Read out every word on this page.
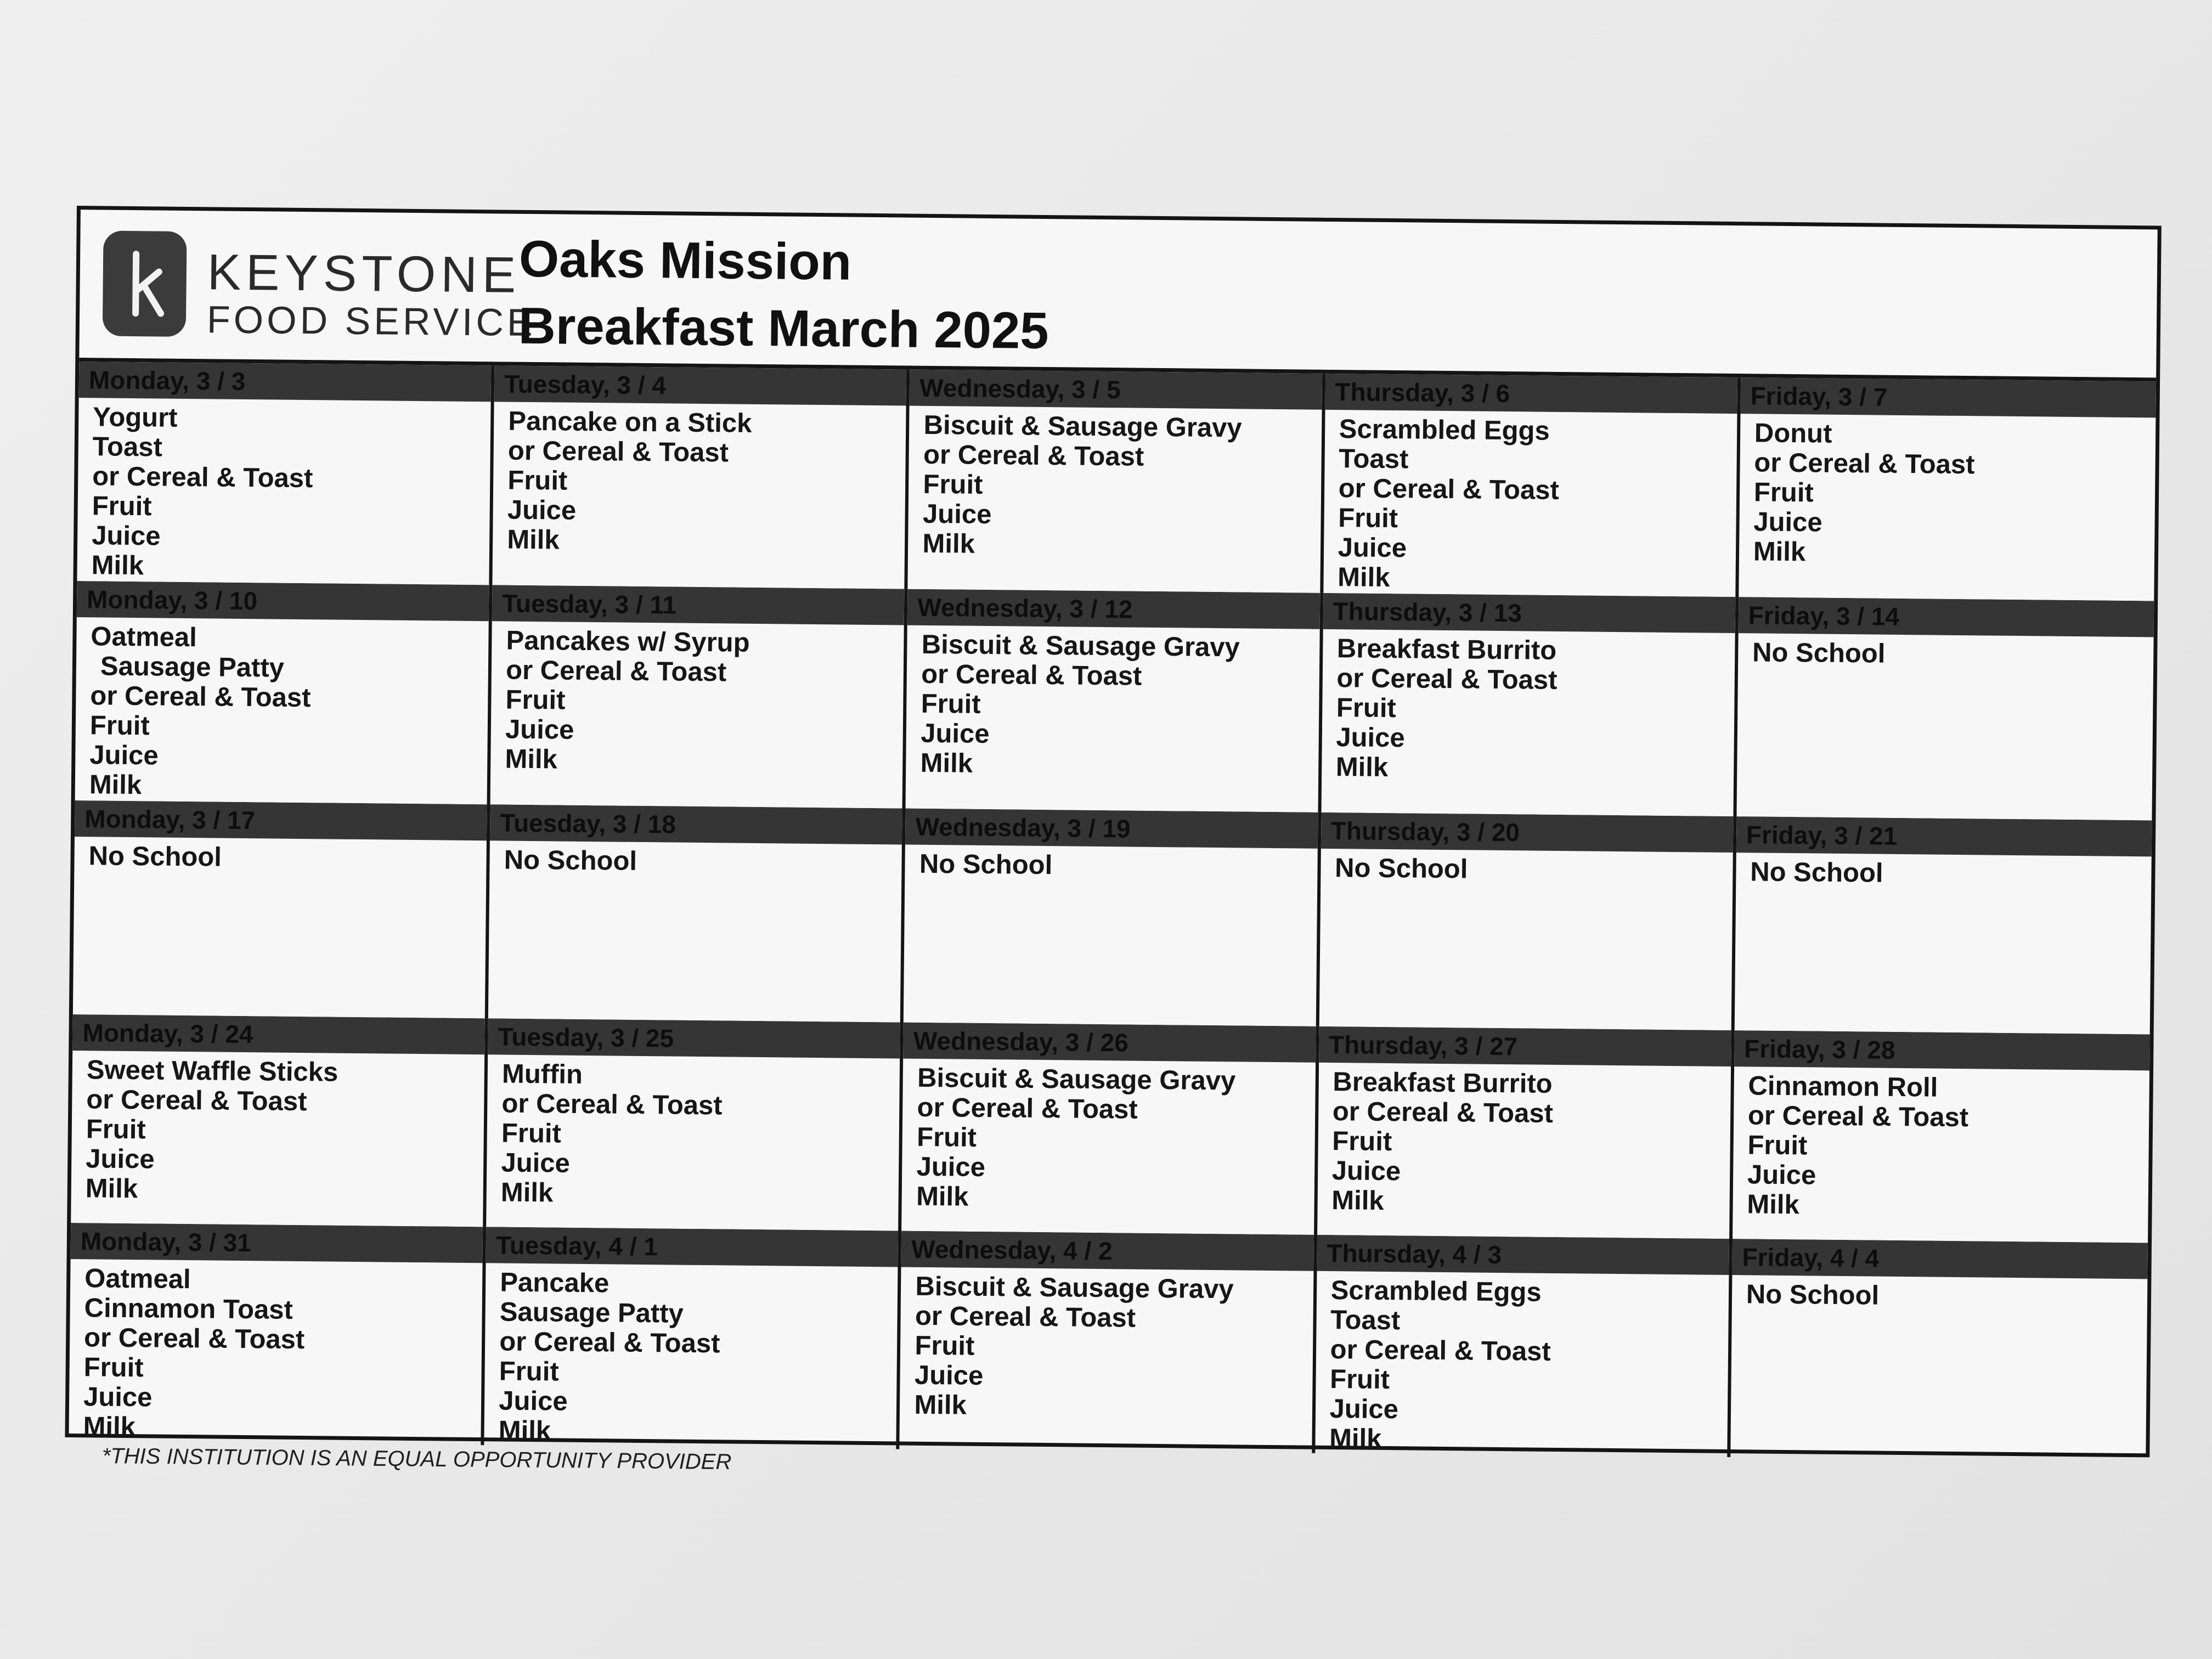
KEYSTONE
FOOD SERVICE
Oaks Mission
Breakfast March 2025
Monday, 3 / 3
Yogurt
Toast
or Cereal & Toast
Fruit
Juice
Milk
Tuesday, 3 / 4
Pancake on a Stick
or Cereal & Toast
Fruit
Juice
Milk
Wednesday, 3 / 5
Biscuit & Sausage Gravy
or Cereal & Toast
Fruit
Juice
Milk
Thursday, 3 / 6
Scrambled Eggs
Toast
or Cereal & Toast
Fruit
Juice
Milk
Friday, 3 / 7
Donut
or Cereal & Toast
Fruit
Juice
Milk
Monday, 3 / 10
Oatmeal
Sausage Patty
or Cereal & Toast
Fruit
Juice
Milk
Tuesday, 3 / 11
Pancakes w/ Syrup
or Cereal & Toast
Fruit
Juice
Milk
Wednesday, 3 / 12
Biscuit & Sausage Gravy
or Cereal & Toast
Fruit
Juice
Milk
Thursday, 3 / 13
Breakfast Burrito
or Cereal & Toast
Fruit
Juice
Milk
Friday, 3 / 14
No School
Monday, 3 / 17
No School
Tuesday, 3 / 18
No School
Wednesday, 3 / 19
No School
Thursday, 3 / 20
No School
Friday, 3 / 21
No School
Monday, 3 / 24
Sweet Waffle Sticks
or Cereal & Toast
Fruit
Juice
Milk
Tuesday, 3 / 25
Muffin
or Cereal & Toast
Fruit
Juice
Milk
Wednesday, 3 / 26
Biscuit & Sausage Gravy
or Cereal & Toast
Fruit
Juice
Milk
Thursday, 3 / 27
Breakfast Burrito
or Cereal & Toast
Fruit
Juice
Milk
Friday, 3 / 28
Cinnamon Roll
or Cereal & Toast
Fruit
Juice
Milk
Monday, 3 / 31
Oatmeal
Cinnamon Toast
or Cereal & Toast
Fruit
Juice
Milk
Tuesday, 4 / 1
Pancake
Sausage Patty
or Cereal & Toast
Fruit
Juice
Milk
Wednesday, 4 / 2
Biscuit & Sausage Gravy
or Cereal & Toast
Fruit
Juice
Milk
Thursday, 4 / 3
Scrambled Eggs
Toast
or Cereal & Toast
Fruit
Juice
Milk
Friday, 4 / 4
No School
*THIS INSTITUTION IS AN EQUAL OPPORTUNITY PROVIDER
